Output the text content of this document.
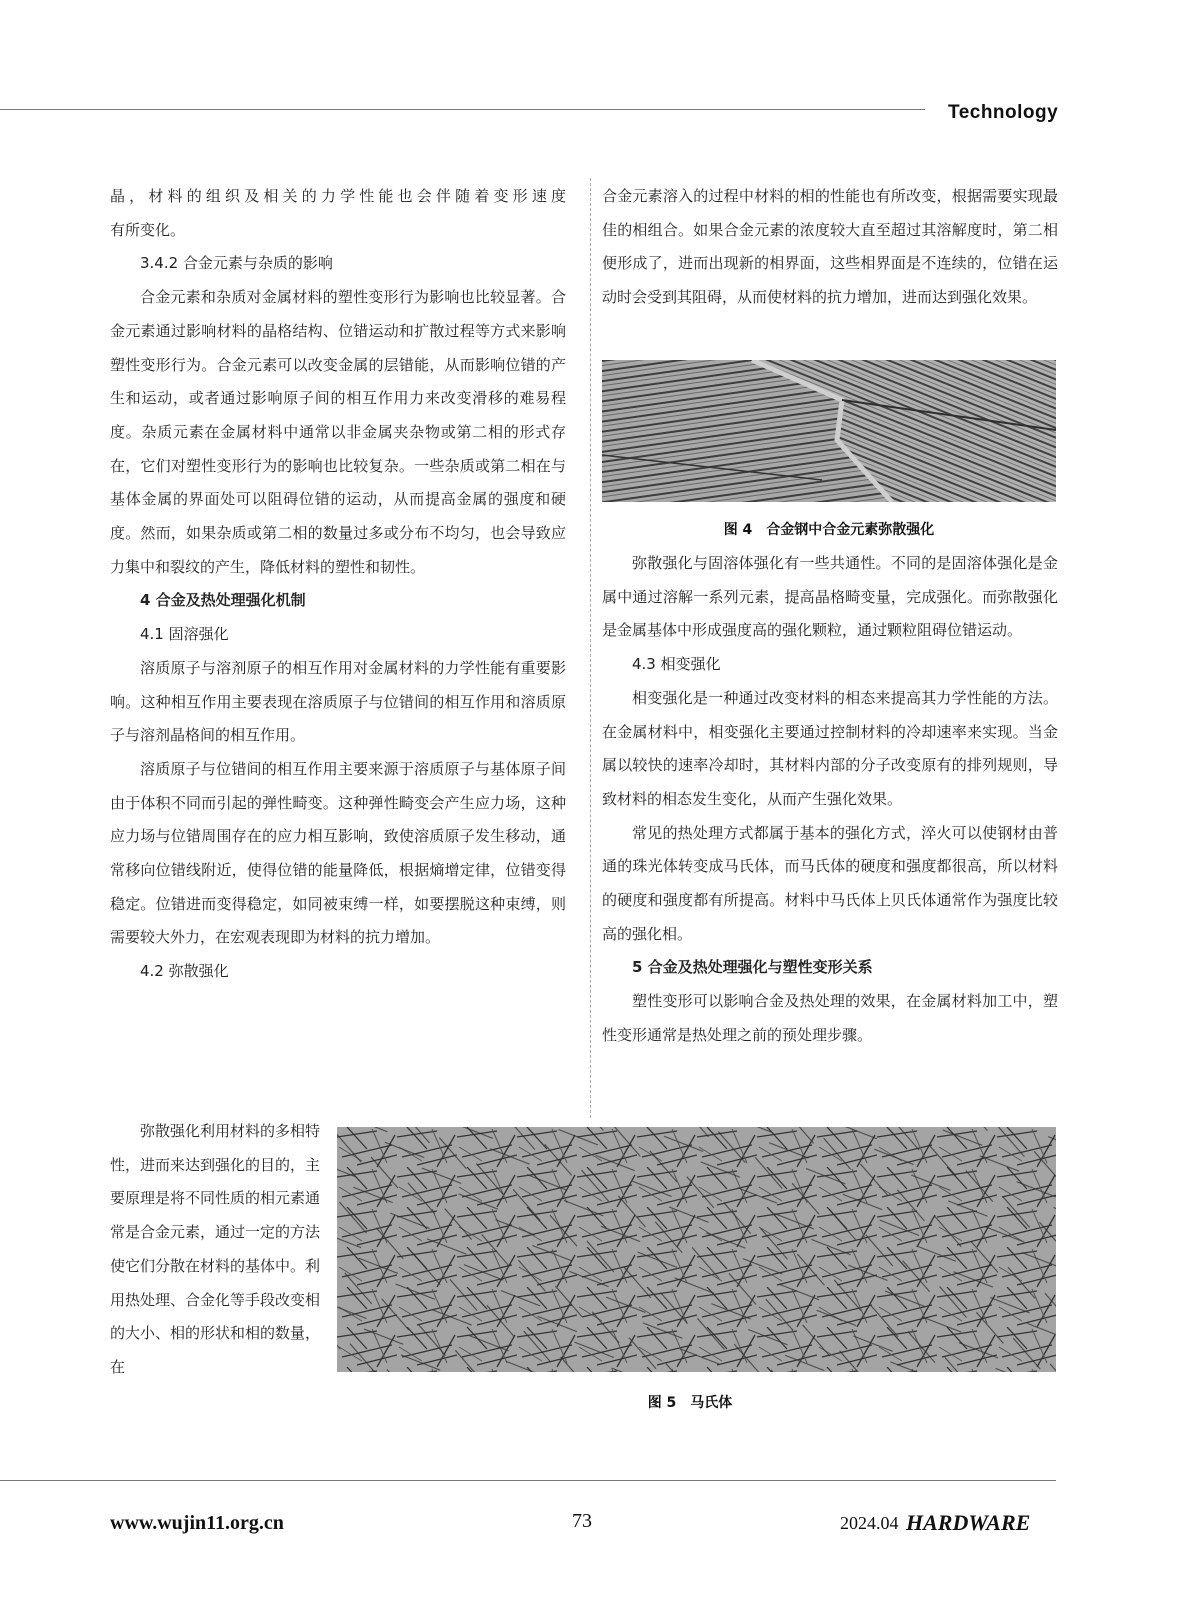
Technology

晶，材料的组织及相关的力学性能也会伴随着变形速度

有所变化。

3.4.2 合金元素与杂质的影响

合金元素和杂质对金属材料的塑性变形行为影响也比较显著。合金元素通过影响材料的晶格结构、位错运动和扩散过程等方式来影响塑性变形行为。合金元素可以改变金属的层错能，从而影响位错的产生和运动，或者通过影响原子间的相互作用力来改变滑移的难易程度。杂质元素在金属材料中通常以非金属夹杂物或第二相的形式存在，它们对塑性变形行为的影响也比较复杂。一些杂质或第二相在与基体金属的界面处可以阻碍位错的运动，从而提高金属的强度和硬度。然而，如果杂质或第二相的数量过多或分布不均匀，也会导致应力集中和裂纹的产生，降低材料的塑性和韧性。

4 合金及热处理强化机制

4.1 固溶强化

溶质原子与溶剂原子的相互作用对金属材料的力学性能有重要影响。这种相互作用主要表现在溶质原子与位错间的相互作用和溶质原子与溶剂晶格间的相互作用。

溶质原子与位错间的相互作用主要来源于溶质原子与基体原子间由于体积不同而引起的弹性畸变。这种弹性畸变会产生应力场，这种应力场与位错周围存在的应力相互影响，致使溶质原子发生移动，通常移向位错线附近，使得位错的能量降低，根据熵增定律，位错变得稳定。位错进而变得稳定，如同被束缚一样，如要摆脱这种束缚，则需要较大外力，在宏观表现即为材料的抗力增加。

4.2 弥散强化

弥散强化利用材料的多相特性，进而来达到强化的目的，主要原理是将不同性质的相元素通常是合金元素，通过一定的方法使它们分散在材料的基体中。利用热处理、合金化等手段改变相的大小、相的形状和相的数量，在

合金元素溶入的过程中材料的相的性能也有所改变，根据需要实现最佳的相组合。如果合金元素的浓度较大直至超过其溶解度时，第二相便形成了，进而出现新的相界面，这些相界面是不连续的，位错在运动时会受到其阻碍，从而使材料的抗力增加，进而达到强化效果。

图 4　合金钢中合金元素弥散强化

弥散强化与固溶体强化有一些共通性。不同的是固溶体强化是金属中通过溶解一系列元素，提高晶格畸变量，完成强化。而弥散强化是金属基体中形成强度高的强化颗粒，通过颗粒阻碍位错运动。

4.3 相变强化

相变强化是一种通过改变材料的相态来提高其力学性能的方法。在金属材料中，相变强化主要通过控制材料的冷却速率来实现。当金属以较快的速率冷却时，其材料内部的分子改变原有的排列规则，导致材料的相态发生变化，从而产生强化效果。

常见的热处理方式都属于基本的强化方式，淬火可以使钢材由普通的珠光体转变成马氏体，而马氏体的硬度和强度都很高，所以材料的硬度和强度都有所提高。材料中马氏体上贝氏体通常作为强度比较高的强化相。

5 合金及热处理强化与塑性变形关系

塑性变形可以影响合金及热处理的效果，在金属材料加工中，塑性变形通常是热处理之前的预处理步骤。

图 5　马氏体
www.wujin11.org.cn	73	2024.04 HARDWARE
